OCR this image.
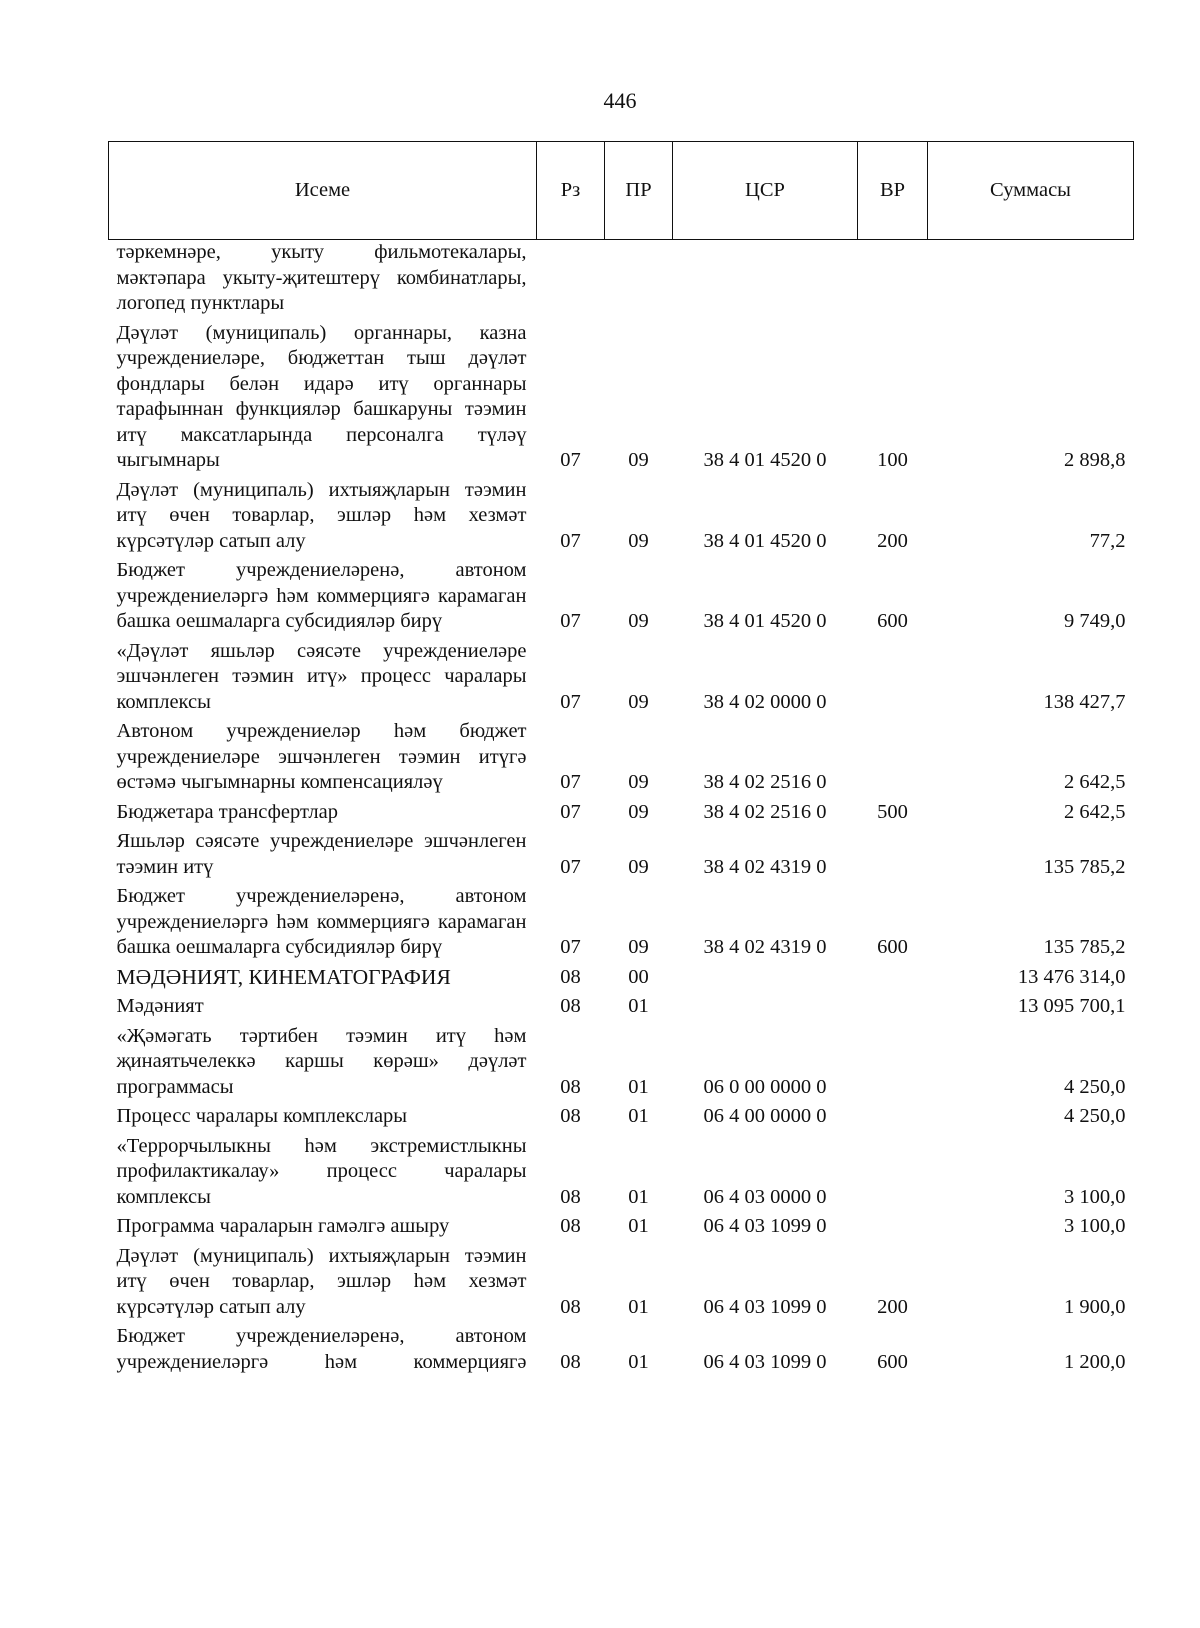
446
Исеме	Рз	ПР	ЦСР	ВР	Суммасы
тәркемнәре, укыту фильмотекалары, мәктәпара укыту-җитештерү комбинатлары, логопед пунктлары					
Дәүләт (муниципаль) органнары, казна учреждениеләре, бюджеттан тыш дәүләт фондлары белән идарә итү органнары тарафыннан функцияләр башкаруны тәэмин итү максатларында персоналга түләү чыгымнары	07	09	38 4 01 4520 0	100	2 898,8
Дәүләт (муниципаль) ихтыяҗларын тәэмин итү өчен товарлар, эшләр һәм хезмәт күрсәтүләр сатып алу	07	09	38 4 01 4520 0	200	77,2
Бюджет учреждениеләренә, автоном учреждениеләргә һәм коммерциягә карамаган башка оешмаларга субсидияләр бирү	07	09	38 4 01 4520 0	600	9 749,0
«Дәүләт яшьләр сәясәте учреждениеләре эшчәнлеген тәэмин итү» процесс чаралары комплексы	07	09	38 4 02 0000 0		138 427,7
Автоном учреждениеләр һәм бюджет учреждениеләре эшчәнлеген тәэмин итүгә өстәмә чыгымнарны компенсацияләү	07	09	38 4 02 2516 0		2 642,5
Бюджетара трансфертлар	07	09	38 4 02 2516 0	500	2 642,5
Яшьләр сәясәте учреждениеләре эшчәнлеген тәэмин итү	07	09	38 4 02 4319 0		135 785,2
Бюджет учреждениеләренә, автоном учреждениеләргә һәм коммерциягә карамаган башка оешмаларга субсидияләр бирү	07	09	38 4 02 4319 0	600	135 785,2
МӘДӘНИЯТ, КИНЕМАТОГРАФИЯ	08	00			13 476 314,0
Мәдәният	08	01			13 095 700,1
«Җәмәгать тәртибен тәэмин итү һәм җинаятьчелеккә каршы көрәш» дәүләт программасы	08	01	06 0 00 0000 0		4 250,0
Процесс чаралары комплекслары	08	01	06 4 00 0000 0		4 250,0
«Террорчылыкны һәм экстремистлыкны профилактикалау» процесс чаралары комплексы	08	01	06 4 03 0000 0		3 100,0
Программа чараларын гамәлгә ашыру	08	01	06 4 03 1099 0		3 100,0
Дәүләт (муниципаль) ихтыяҗларын тәэмин итү өчен товарлар, эшләр һәм хезмәт күрсәтүләр сатып алу	08	01	06 4 03 1099 0	200	1 900,0
Бюджет учреждениеләренә, автоном учреждениеләргә һәм коммерциягә	08	01	06 4 03 1099 0	600	1 200,0
